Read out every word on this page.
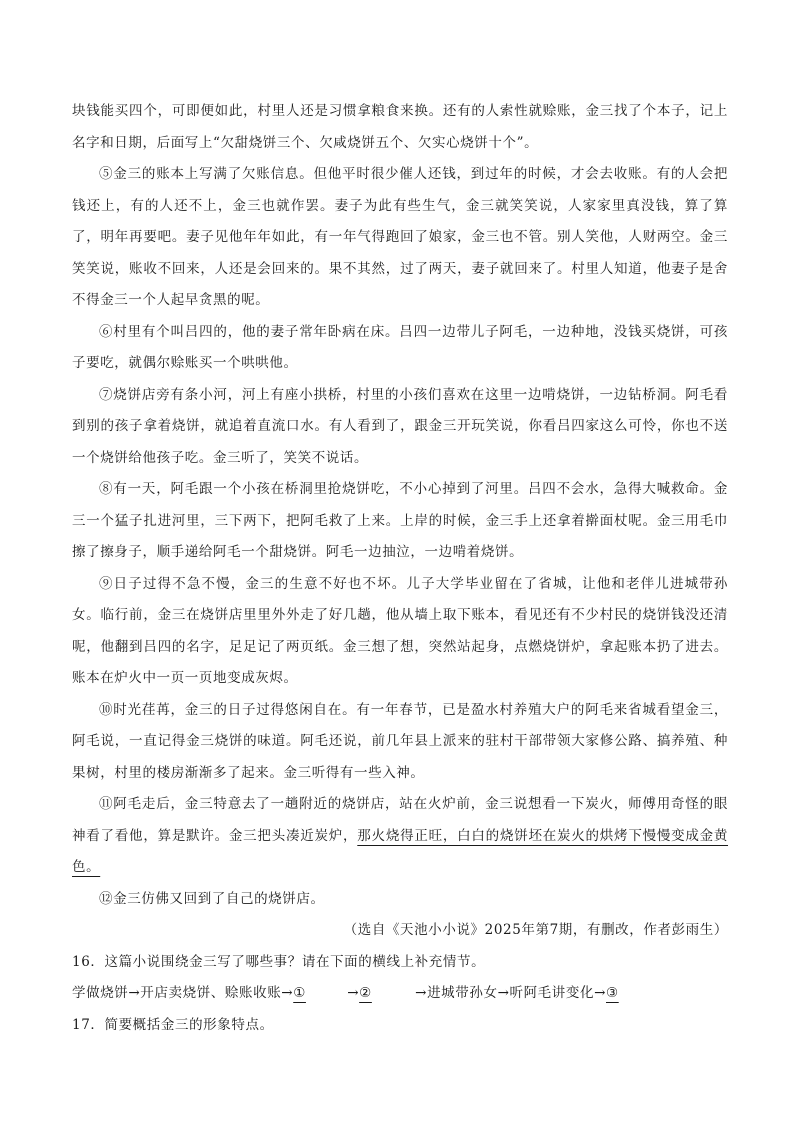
块钱能买四个，可即便如此，村里人还是习惯拿粮食来换。还有的人索性就赊账，金三找了个本子，记上名字和日期，后面写上“欠甜烧饼三个、欠咸烧饼五个、欠实心烧饼十个”。

⑤金三的账本上写满了欠账信息。但他平时很少催人还钱，到过年的时候，才会去收账。有的人会把钱还上，有的人还不上，金三也就作罢。妻子为此有些生气，金三就笑笑说，人家家里真没钱，算了算了，明年再要吧。妻子见他年年如此，有一年气得跑回了娘家，金三也不管。别人笑他，人财两空。金三笑笑说，账收不回来，人还是会回来的。果不其然，过了两天，妻子就回来了。村里人知道，他妻子是舍不得金三一个人起早贪黑的呢。

⑥村里有个叫吕四的，他的妻子常年卧病在床。吕四一边带儿子阿毛，一边种地，没钱买烧饼，可孩子要吃，就偶尔赊账买一个哄哄他。

⑦烧饼店旁有条小河，河上有座小拱桥，村里的小孩们喜欢在这里一边啃烧饼，一边钻桥洞。阿毛看到别的孩子拿着烧饼，就追着直流口水。有人看到了，跟金三开玩笑说，你看吕四家这么可怜，你也不送一个烧饼给他孩子吃。金三听了，笑笑不说话。

⑧有一天，阿毛跟一个小孩在桥洞里抢烧饼吃，不小心掉到了河里。吕四不会水，急得大喊救命。金三一个猛子扎进河里，三下两下，把阿毛救了上来。上岸的时候，金三手上还拿着擀面杖呢。金三用毛巾擦了擦身子，顺手递给阿毛一个甜烧饼。阿毛一边抽泣，一边啃着烧饼。

⑨日子过得不急不慢，金三的生意不好也不坏。儿子大学毕业留在了省城，让他和老伴儿进城带孙女。临行前，金三在烧饼店里里外外走了好几趟，他从墙上取下账本，看见还有不少村民的烧饼钱没还清呢，他翻到吕四的名字，足足记了两页纸。金三想了想，突然站起身，点燃烧饼炉，拿起账本扔了进去。账本在炉火中一页一页地变成灰烬。

⑩时光荏苒，金三的日子过得悠闲自在。有一年春节，已是盈水村养殖大户的阿毛来省城看望金三，阿毛说，一直记得金三烧饼的味道。阿毛还说，前几年县上派来的驻村干部带领大家修公路、搞养殖、种果树，村里的楼房渐渐多了起来。金三听得有一些入神。

⑪阿毛走后，金三特意去了一趟附近的烧饼店，站在火炉前，金三说想看一下炭火，师傅用奇怪的眼神看了看他，算是默许。金三把头凑近炭炉，那火烧得正旺，白白的烧饼坯在炭火的烘烤下慢慢变成金黄色。

⑫金三仿佛又回到了自己的烧饼店。

（选自《天池小小说》2025年第7期，有删改，作者彭雨生）

16．这篇小说围绕金三写了哪些事？请在下面的横线上补充情节。

学做烧饼→开店卖烧饼、赊账收账→①	→②	→进城带孙女→听阿毛讲变化→③

17．简要概括金三的形象特点。
